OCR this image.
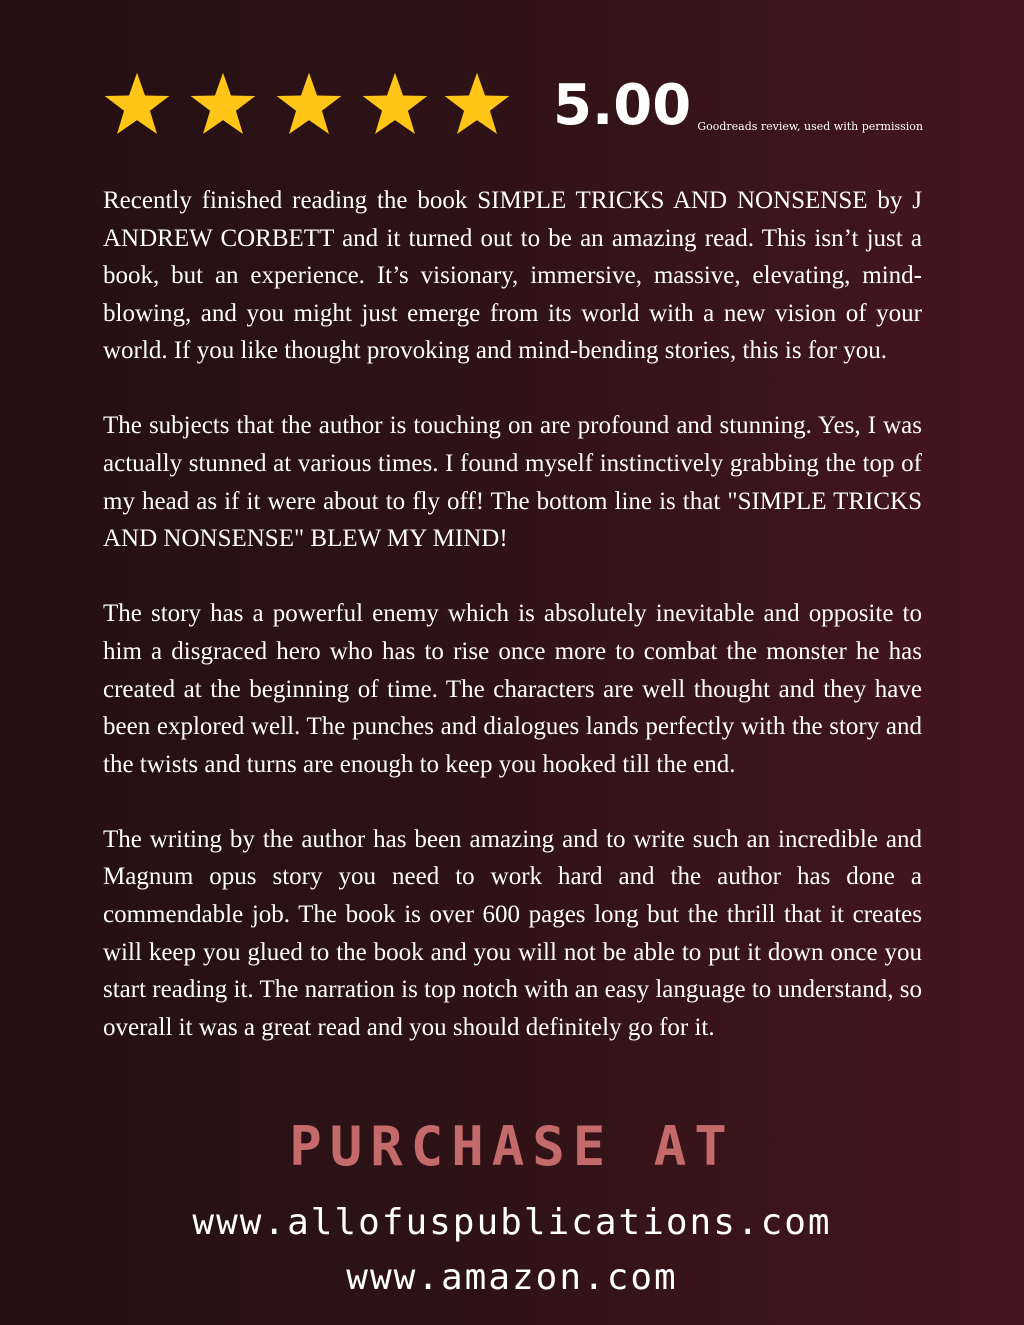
5.00 Goodreads review, used with permission

Recently finished reading the book SIMPLE TRICKS AND NONSENSE by J ANDREW CORBETT and it turned out to be an amazing read. This isn’t just a book, but an experience. It’s visionary, immersive, massive, elevating, mind-blowing, and you might just emerge from its world with a new vision of your world. If you like thought provoking and mind-bending stories, this is for you.

The subjects that the author is touching on are profound and stunning. Yes, I was actually stunned at various times. I found myself instinctively grabbing the top of my head as if it were about to fly off! The bottom line is that "SIMPLE TRICKS AND NONSENSE" BLEW MY MIND!

The story has a powerful enemy which is absolutely inevitable and opposite to him a disgraced hero who has to rise once more to combat the monster he has created at the beginning of time. The characters are well thought and they have been explored well. The punches and dialogues lands perfectly with the story and the twists and turns are enough to keep you hooked till the end.

The writing by the author has been amazing and to write such an incredible and Magnum opus story you need to work hard and the author has done a commendable job. The book is over 600 pages long but the thrill that it creates will keep you glued to the book and you will not be able to put it down once you start reading it. The narration is top notch with an easy language to understand, so overall it was a great read and you should definitely go for it.

PURCHASE AT
www.allofuspublications.com
www.amazon.com
